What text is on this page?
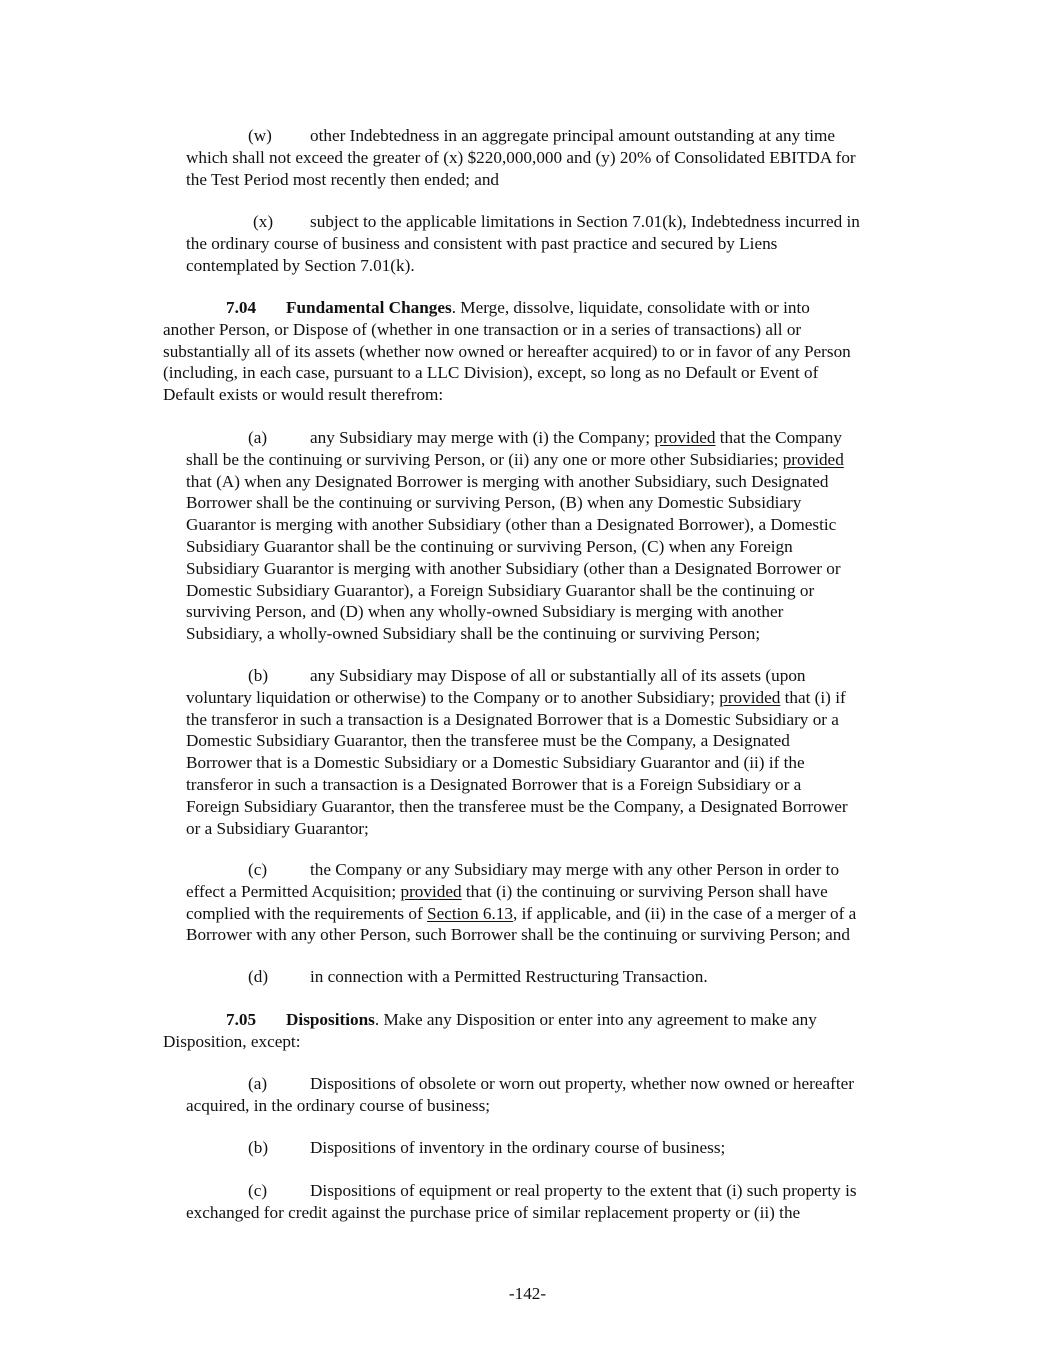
(w) other Indebtedness in an aggregate principal amount outstanding at any time
which shall not exceed the greater of (x) $220,000,000 and (y) 20% of Consolidated EBITDA for
the Test Period most recently then ended; and

(x) subject to the applicable limitations in Section 7.01(k), Indebtedness incurred in
the ordinary course of business and consistent with past practice and secured by Liens
contemplated by Section 7.01(k).

7.04 Fundamental Changes. Merge, dissolve, liquidate, consolidate with or into
another Person, or Dispose of (whether in one transaction or in a series of transactions) all or
substantially all of its assets (whether now owned or hereafter acquired) to or in favor of any Person
(including, in each case, pursuant to a LLC Division), except, so long as no Default or Event of
Default exists or would result therefrom:

(a) any Subsidiary may merge with (i) the Company; provided that the Company
shall be the continuing or surviving Person, or (ii) any one or more other Subsidiaries; provided
that (A) when any Designated Borrower is merging with another Subsidiary, such Designated
Borrower shall be the continuing or surviving Person, (B) when any Domestic Subsidiary
Guarantor is merging with another Subsidiary (other than a Designated Borrower), a Domestic
Subsidiary Guarantor shall be the continuing or surviving Person, (C) when any Foreign
Subsidiary Guarantor is merging with another Subsidiary (other than a Designated Borrower or
Domestic Subsidiary Guarantor), a Foreign Subsidiary Guarantor shall be the continuing or
surviving Person, and (D) when any wholly-owned Subsidiary is merging with another
Subsidiary, a wholly-owned Subsidiary shall be the continuing or surviving Person;

(b) any Subsidiary may Dispose of all or substantially all of its assets (upon
voluntary liquidation or otherwise) to the Company or to another Subsidiary; provided that (i) if
the transferor in such a transaction is a Designated Borrower that is a Domestic Subsidiary or a
Domestic Subsidiary Guarantor, then the transferee must be the Company, a Designated
Borrower that is a Domestic Subsidiary or a Domestic Subsidiary Guarantor and (ii) if the
transferor in such a transaction is a Designated Borrower that is a Foreign Subsidiary or a
Foreign Subsidiary Guarantor, then the transferee must be the Company, a Designated Borrower
or a Subsidiary Guarantor;

(c) the Company or any Subsidiary may merge with any other Person in order to
effect a Permitted Acquisition; provided that (i) the continuing or surviving Person shall have
complied with the requirements of Section 6.13, if applicable, and (ii) in the case of a merger of a
Borrower with any other Person, such Borrower shall be the continuing or surviving Person; and

(d) in connection with a Permitted Restructuring Transaction.

7.05 Dispositions. Make any Disposition or enter into any agreement to make any
Disposition, except:

(a) Dispositions of obsolete or worn out property, whether now owned or hereafter
acquired, in the ordinary course of business;

(b) Dispositions of inventory in the ordinary course of business;

(c) Dispositions of equipment or real property to the extent that (i) such property is
exchanged for credit against the purchase price of similar replacement property or (ii) the

-142-
